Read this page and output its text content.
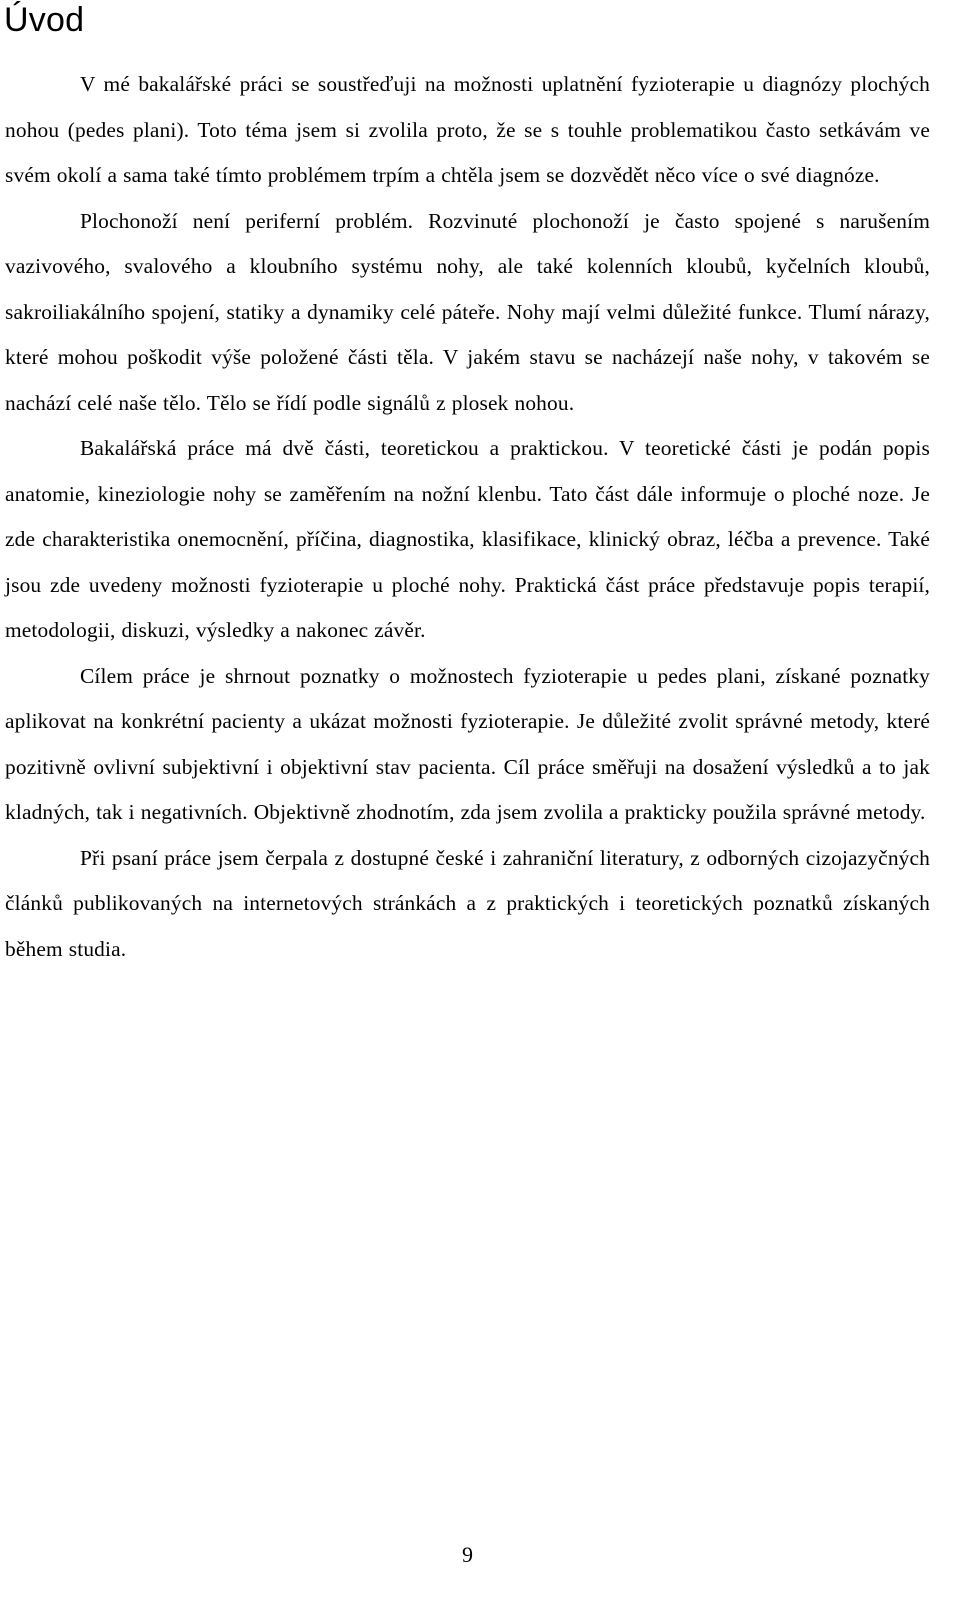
Úvod

V mé bakalářské práci se soustřeďuji na možnosti uplatnění fyzioterapie u diagnózy plochých nohou (pedes plani). Toto téma jsem si zvolila proto, že se s touhle problematikou často setkávám ve svém okolí a sama také tímto problémem trpím a chtěla jsem se dozvědět něco více o své diagnóze.

Plochonoží není periferní problém. Rozvinuté plochonoží je často spojené s narušením vazivového, svalového a kloubního systému nohy, ale také kolenních kloubů, kyčelních kloubů, sakroiliakálního spojení, statiky a dynamiky celé páteře. Nohy mají velmi důležité funkce. Tlumí nárazy, které mohou poškodit výše položené části těla. V jakém stavu se nacházejí naše nohy, v takovém se nachází celé naše tělo. Tělo se řídí podle signálů z plosek nohou.

Bakalářská práce má dvě části, teoretickou a praktickou. V teoretické části je podán popis anatomie, kineziologie nohy se zaměřením na nožní klenbu. Tato část dále informuje o ploché noze. Je zde charakteristika onemocnění, příčina, diagnostika, klasifikace, klinický obraz, léčba a prevence. Také jsou zde uvedeny možnosti fyzioterapie u ploché nohy. Praktická část práce představuje popis terapií, metodologii, diskuzi, výsledky a nakonec závěr.

Cílem práce je shrnout poznatky o možnostech fyzioterapie u pedes plani, získané poznatky aplikovat na konkrétní pacienty a ukázat možnosti fyzioterapie. Je důležité zvolit správné metody, které pozitivně ovlivní subjektivní i objektivní stav pacienta. Cíl práce směřuji na dosažení výsledků a to jak kladných, tak i negativních. Objektivně zhodnotím, zda jsem zvolila a prakticky použila správné metody.

Při psaní práce jsem čerpala z dostupné české i zahraniční literatury, z odborných cizojazyčných článků publikovaných na internetových stránkách a z praktických i teoretických poznatků získaných během studia.

9
